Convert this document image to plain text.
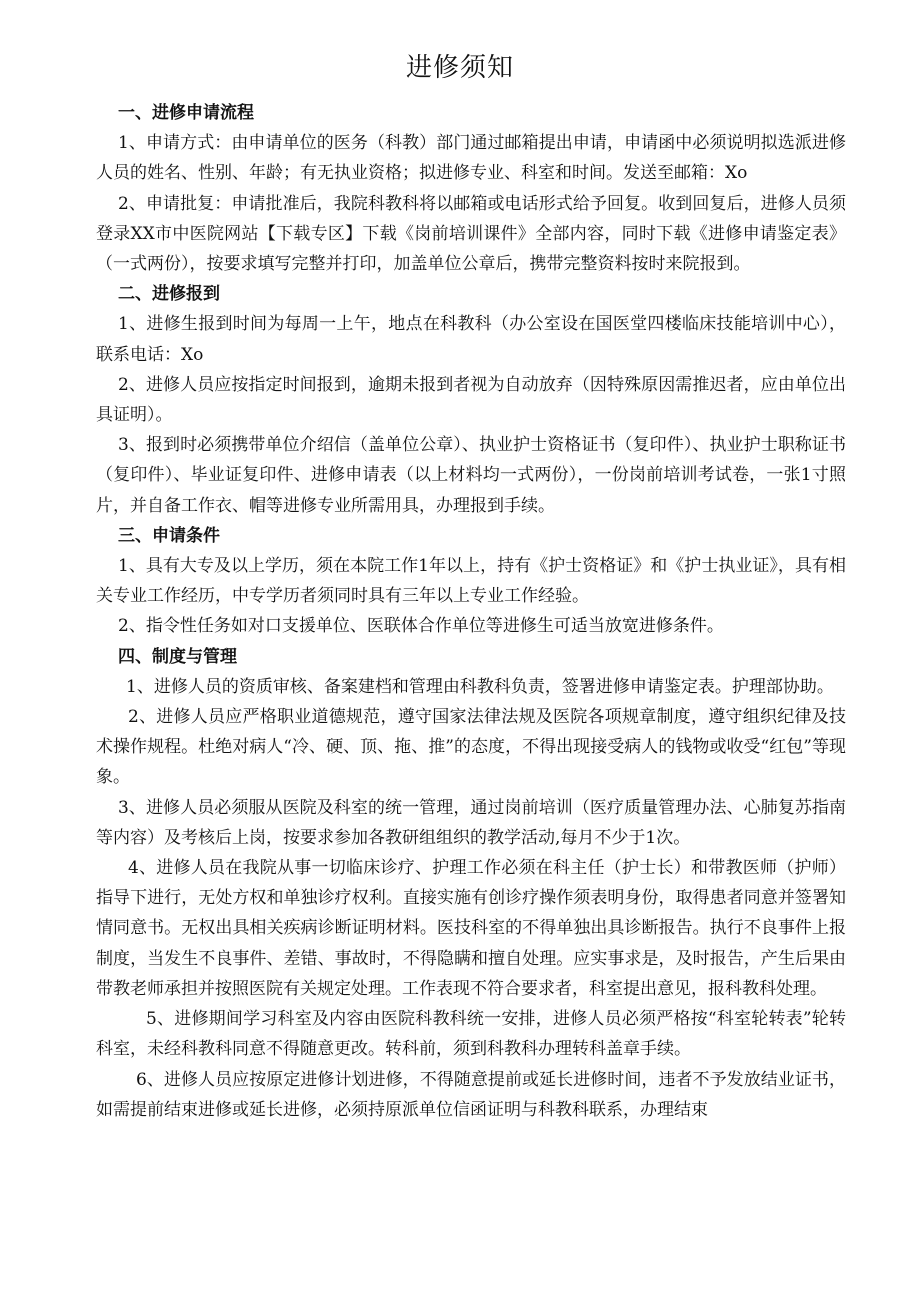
进修须知

一、进修申请流程

1、申请方式：由申请单位的医务（科教）部门通过邮箱提出申请，申请函中必须说明拟选派进修人员的姓名、性别、年龄；有无执业资格；拟进修专业、科室和时间。发送至邮箱：Xo

2、申请批复：申请批准后，我院科教科将以邮箱或电话形式给予回复。收到回复后，进修人员须登录XX市中医院网站【下载专区】下载《岗前培训课件》全部内容，同时下载《进修申请鉴定表》（一式两份），按要求填写完整并打印，加盖单位公章后，携带完整资料按时来院报到。

二、进修报到

1、进修生报到时间为每周一上午，地点在科教科（办公室设在国医堂四楼临床技能培训中心），联系电话：Xo

2、进修人员应按指定时间报到，逾期未报到者视为自动放弃（因特殊原因需推迟者，应由单位出具证明）。

3、报到时必须携带单位介绍信（盖单位公章）、执业护士资格证书（复印件）、执业护士职称证书（复印件）、毕业证复印件、进修申请表（以上材料均一式两份），一份岗前培训考试卷，一张1寸照片，并自备工作衣、帽等进修专业所需用具，办理报到手续。

三、申请条件

1、具有大专及以上学历，须在本院工作1年以上，持有《护士资格证》和《护士执业证》，具有相关专业工作经历，中专学历者须同时具有三年以上专业工作经验。

2、指令性任务如对口支援单位、医联体合作单位等进修生可适当放宽进修条件。

四、制度与管理

1、进修人员的资质审核、备案建档和管理由科教科负责，签署进修申请鉴定表。护理部协助。

2、进修人员应严格职业道德规范，遵守国家法律法规及医院各项规章制度，遵守组织纪律及技术操作规程。杜绝对病人“冷、硬、顶、拖、推”的态度，不得出现接受病人的钱物或收受“红包”等现象。

3、进修人员必须服从医院及科室的统一管理，通过岗前培训（医疗质量管理办法、心肺复苏指南等内容）及考核后上岗，按要求参加各教研组组织的教学活动,每月不少于1次。

4、进修人员在我院从事一切临床诊疗、护理工作必须在科主任（护士长）和带教医师（护师）指导下进行，无处方权和单独诊疗权利。直接实施有创诊疗操作须表明身份，取得患者同意并签署知情同意书。无权出具相关疾病诊断证明材料。医技科室的不得单独出具诊断报告。执行不良事件上报制度，当发生不良事件、差错、事故时，不得隐瞒和擅自处理。应实事求是，及时报告，产生后果由带教老师承担并按照医院有关规定处理。工作表现不符合要求者，科室提出意见，报科教科处理。

5、进修期间学习科室及内容由医院科教科统一安排，进修人员必须严格按“科室轮转表”轮转科室，未经科教科同意不得随意更改。转科前，须到科教科办理转科盖章手续。

6、进修人员应按原定进修计划进修，不得随意提前或延长进修时间，违者不予发放结业证书，如需提前结束进修或延长进修，必须持原派单位信函证明与科教科联系，办理结束
